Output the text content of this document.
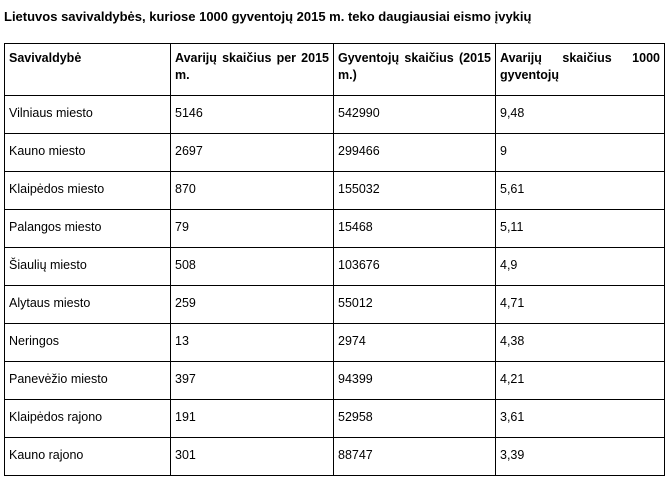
Lietuvos savivaldybės, kuriose 1000 gyventojų 2015 m. teko daugiausiai eismo įvykių
Savivaldybė	Avarijų skaičius per 2015 m.	Gyventojų skaičius (2015 m.)	Avarijų skaičius 1000 gyventojų
Vilniaus miesto	5146	542990	9,48
Kauno miesto	2697	299466	9
Klaipėdos miesto	870	155032	5,61
Palangos miesto	79	15468	5,11
Šiaulių miesto	508	103676	4,9
Alytaus miesto	259	55012	4,71
Neringos	13	2974	4,38
Panevėžio miesto	397	94399	4,21
Klaipėdos rajono	191	52958	3,61
Kauno rajono	301	88747	3,39
